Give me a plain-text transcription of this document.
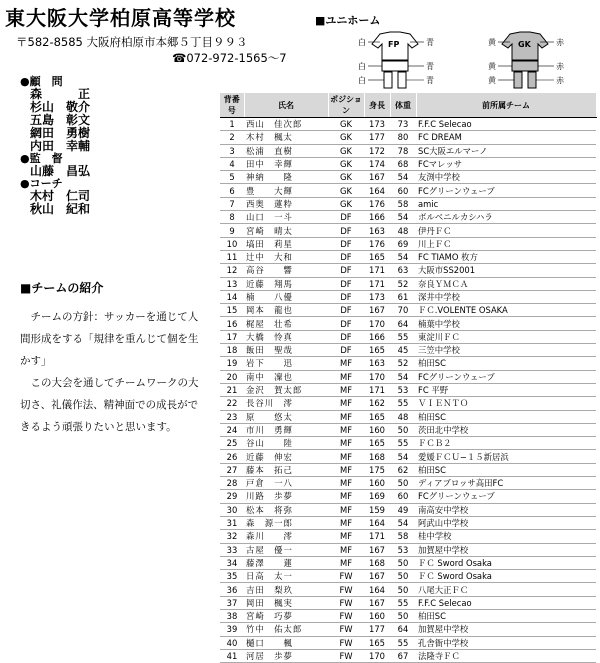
東大阪大学柏原高等学校
〒582-8585 大阪府柏原市本郷５丁目９９３
☎072-972-1565～7
■ユニホーム
FP
白
白
白
青
青
青
GK
黄
黄
黄
赤
赤
赤
●顧　問
森　　　正
杉山　敬介
五島　彰文
網田　勇樹
内田　幸輔
●監　督
山藤　昌弘
●コーチ
木村　仁司
秋山　紀和
■チームの紹介

チームの方針：サッカーを通じて人間形成をする「規律を重んじて個を生かす」

この大会を通してチームワークの大切さ、礼儀作法、精神面での成長ができるよう頑張りたいと思います。

背番号	氏名	ポジション	身長	体重	前所属チーム
1	西山　佳次郎	GK	173	73	F.F.C Selecao
2	木村　楓太	GK	177	80	FC DREAM
3	松浦　直樹	GK	172	78	SC大阪エルマーノ
4	田中　幸輝	GK	174	68	FCマレッサ
5	神納　　隆	GK	167	54	友渕中学校
6	豊　　大輝	GK	164	60	FCグリーンウェーブ
7	西奥　蓮粋	GK	176	58	amic
8	山口　一斗	DF	166	54	ボルベニルカシハラ
9	宮崎　晴太	DF	163	48	伊丹ＦＣ
10	塙田　莉星	DF	176	69	川上ＦＣ
11	辻中　大和	DF	165	54	FC TIAMO 枚方
12	高谷　　響	DF	171	63	大阪市SS2001
13	近藤　翔馬	DF	171	52	奈良ＹＭＣＡ
14	楠　　八優	DF	173	61	深井中学校
15	岡本　龍也	DF	167	70	ＦＣ.VOLENTE OSAKA
16	梶屋　壮希	DF	170	64	楠葉中学校
17	大橋　怜真	DF	166	55	東淀川ＦＣ
18	飯田　聖哉	DF	165	45	三笠中学校
19	岩下　　迅	MF	163	52	柏田SC
20	南中　凜也	MF	170	54	FCグリーンウェーブ
21	金沢　賀太郎	MF	171	53	FC 平野
22	長谷川　澪	MF	162	55	ＶＩＥＮＴＯ
23	原　　悠太	MF	165	48	柏田SC
24	市川　勇輝	MF	160	50	茨田北中学校
25	谷山　　陸	MF	165	55	ＦＣＢ２
26	近藤　伸宏	MF	168	54	愛媛ＦＣＵ−１５新居浜
27	藤本　拓己	MF	175	62	柏田SC
28	戸倉　一八	MF	160	50	ディアブロッサ高田FC
29	川路　歩夢	MF	169	60	FCグリーンウェーブ
30	松本　将弥	MF	159	49	南高安中学校
31	森　源一郎	MF	164	54	阿武山中学校
32	森川　　澪	MF	171	58	桂中学校
33	古屋　優一	MF	167	53	加賀屋中学校
34	藤澤　　蓮	MF	168	50	ＦＣ Sword Osaka
35	日高　太一	FW	167	50	ＦＣ Sword Osaka
36	吉田　梨玖	FW	164	50	八尾大正ＦＣ
37	岡田　楓実	FW	167	55	F.F.C Selecao
38	宮崎　巧夢	FW	160	50	柏田SC
39	竹中　佑太郎	FW	177	64	加賀屋中学校
40	樋口　　楓	FW	165	55	孔舎衙中学校
41	河居　歩夢	FW	170	67	法隆寺ＦＣ
